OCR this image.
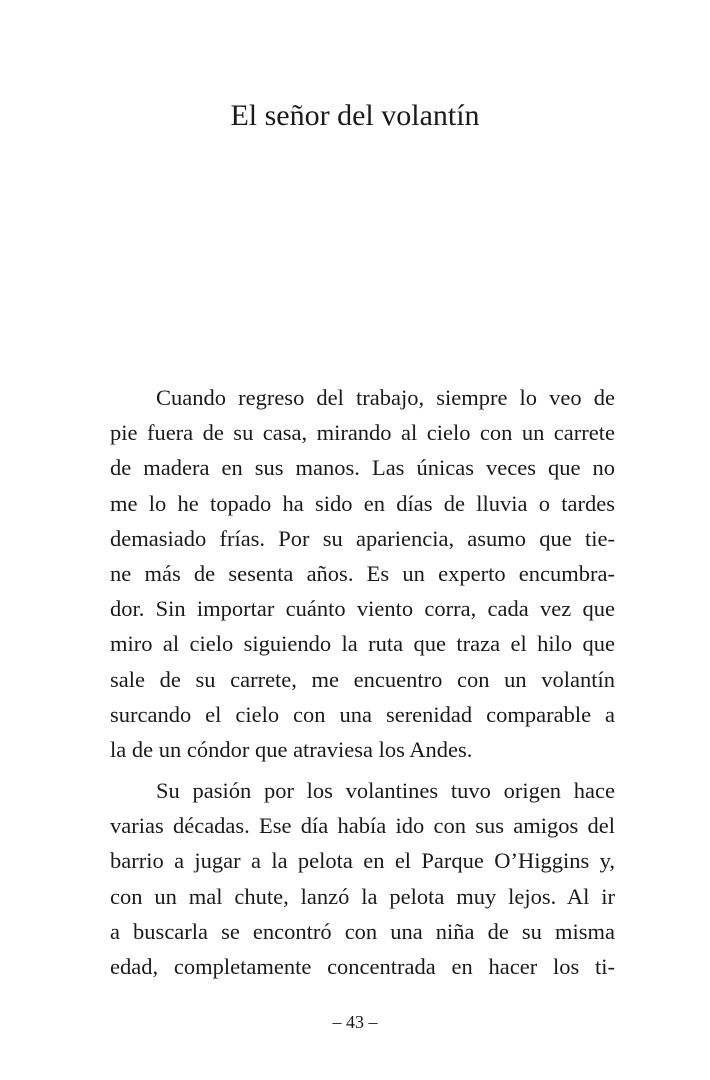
El señor del volantín
Cuando regreso del trabajo, siempre lo veo de
pie fuera de su casa, mirando al cielo con un carrete
de madera en sus manos. Las únicas veces que no
me lo he topado ha sido en días de lluvia o tardes
demasiado frías. Por su apariencia, asumo que tie-
ne más de sesenta años. Es un experto encumbra-
dor. Sin importar cuánto viento corra, cada vez que
miro al cielo siguiendo la ruta que traza el hilo que
sale de su carrete, me encuentro con un volantín
surcando el cielo con una serenidad comparable a
la de un cóndor que atraviesa los Andes.
Su pasión por los volantines tuvo origen hace
varias décadas. Ese día había ido con sus amigos del
barrio a jugar a la pelota en el Parque O’Higgins y,
con un mal chute, lanzó la pelota muy lejos. Al ir
a buscarla se encontró con una niña de su misma
edad, completamente concentrada en hacer los ti-
– 43 –
